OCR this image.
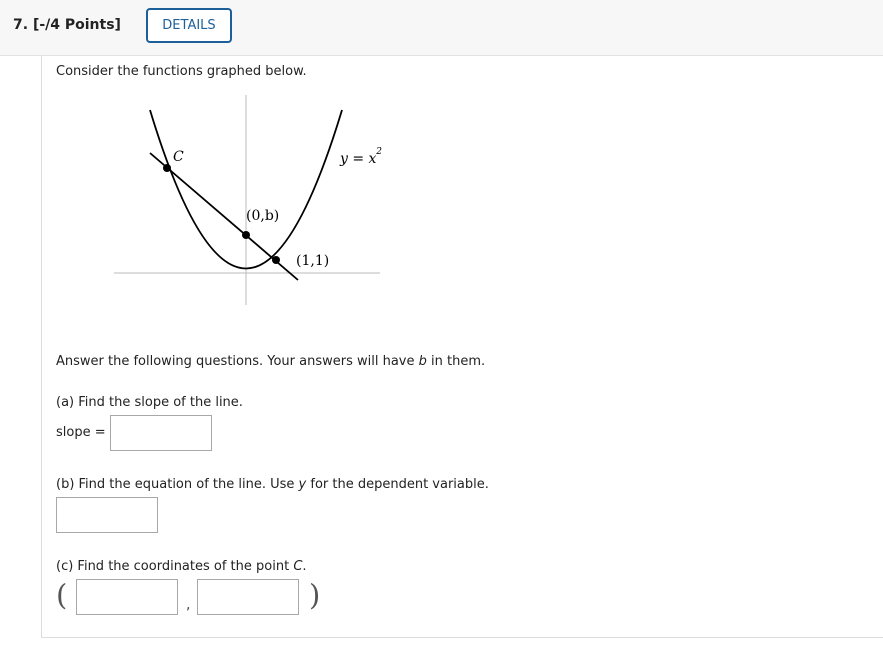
7. [-/4 Points]	DETAILS
Consider the functions graphed below.
C
(0,b)
(1,1)
y = x 2
Answer the following questions. Your answers will have b in them.
(a) Find the slope of the line.
slope =
(b) Find the equation of the line. Use y for the dependent variable.
(c) Find the coordinates of the point C.
(	,	)
